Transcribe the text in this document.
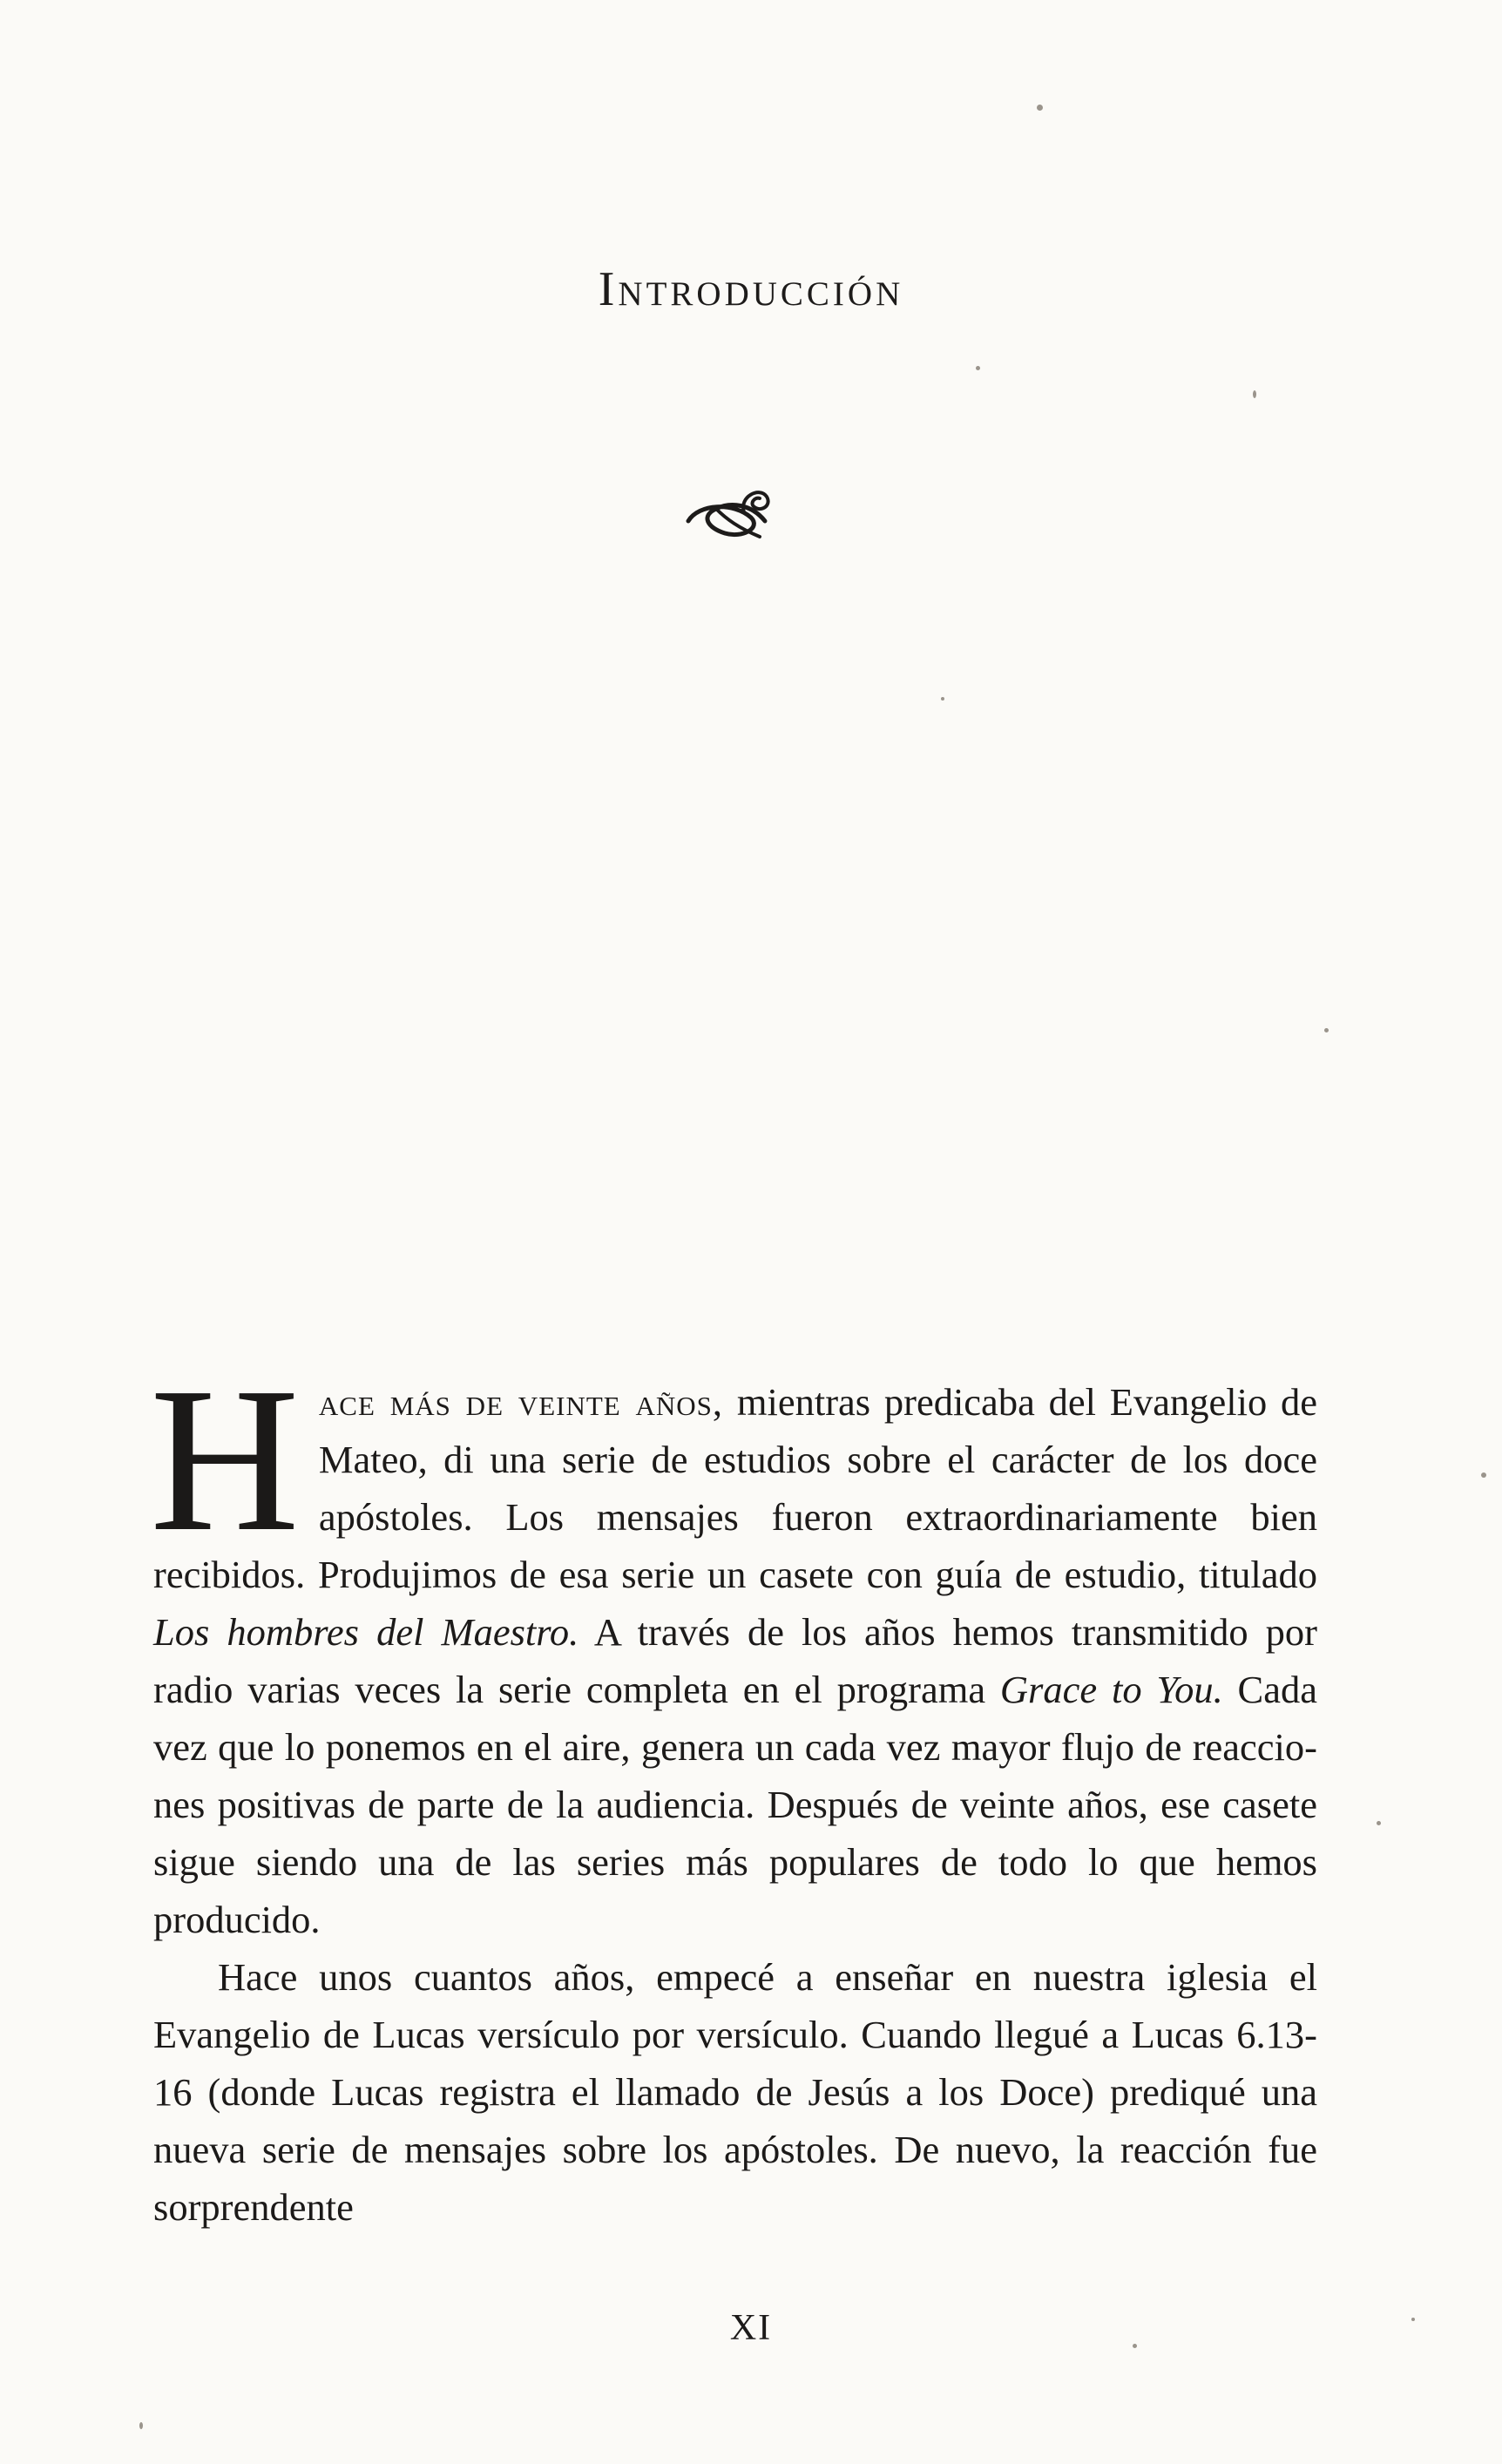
Introducción

Hace más de veinte años, mientras predicaba del Evangelio de Mateo, di una serie de estudios sobre el carácter de los doce apóstoles. Los mensajes fueron extraordinariamente bien recibidos. Produjimos de esa serie un casete con guía de estudio, titulado Los hombres del Maestro. A través de los años hemos transmitido por radio varias veces la serie completa en el programa Grace to You. Cada vez que lo ponemos en el aire, genera un cada vez mayor flujo de reacciones positivas de parte de la audiencia. Después de veinte años, ese casete sigue siendo una de las series más populares de todo lo que hemos producido.

Hace unos cuantos años, empecé a enseñar en nuestra iglesia el Evangelio de Lucas versículo por versículo. Cuando llegué a Lucas 6.13-16 (donde Lucas registra el llamado de Jesús a los Doce) prediqué una nueva serie de mensajes sobre los apóstoles. De nuevo, la reacción fue sorprendente

XI
